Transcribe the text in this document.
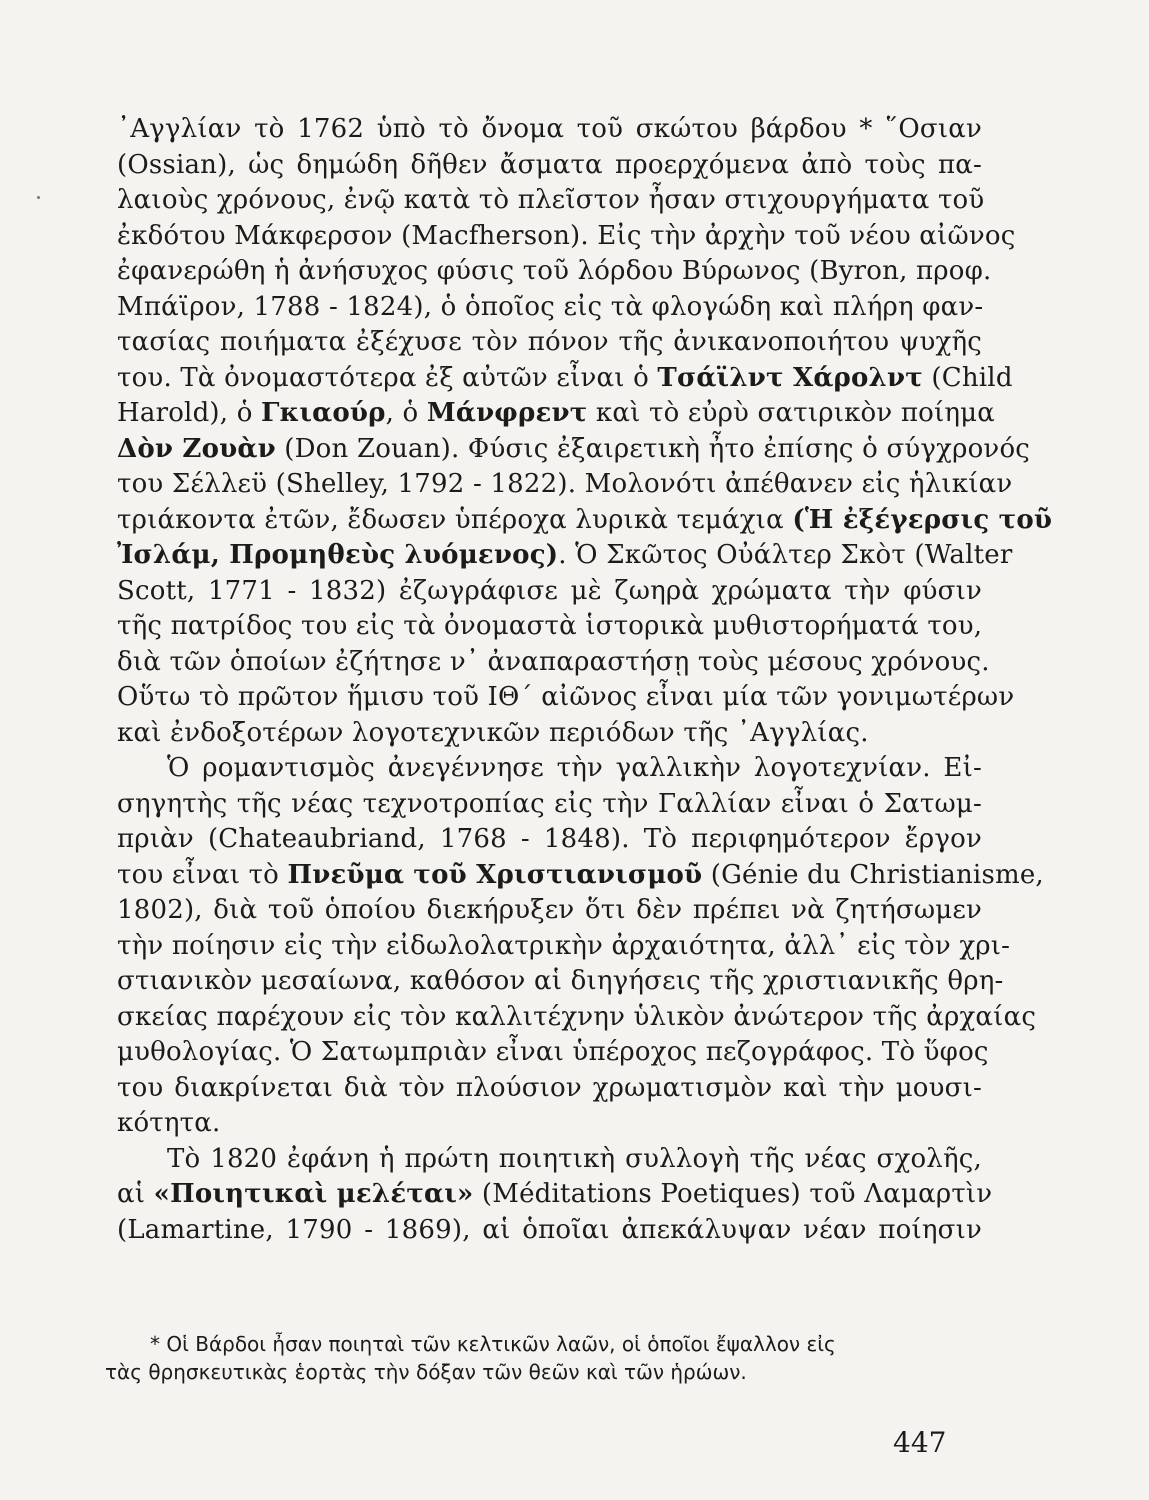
᾿Αγγλίαν τὸ 1762 ὑπὸ τὸ ὄνομα τοῦ σκώτου βάρδου * ῞Οσιαν
(Ossian), ὡς δημώδη δῆθεν ἄσματα προερχόμενα ἀπὸ τοὺς πα-
λαιοὺς χρόνους, ἐνῷ κατὰ τὸ πλεῖστον ἦσαν στιχουργήματα τοῦ
ἐκδότου Μάκφερσον (Macfherson). Εἰς τὴν ἀρχὴν τοῦ νέου αἰῶνος
ἐφανερώθη ἡ ἀνήσυχος φύσις τοῦ λόρδου Βύρωνος (Byron, προφ.
Μπάϊρον, 1788 - 1824), ὁ ὁποῖος εἰς τὰ φλογώδη καὶ πλήρη φαν-
τασίας ποιήματα ἐξέχυσε τὸν πόνον τῆς ἀνικανοποιήτου ψυχῆς
του. Τὰ ὀνομαστότερα ἐξ αὐτῶν εἶναι ὁ Τσάϊλντ Χάρολντ (Child
Harold), ὁ Γκιαούρ, ὁ Μάνφρεντ καὶ τὸ εὐρὺ σατιρικὸν ποίημα
Δὸν Ζουὰν (Don Zouan). Φύσις ἐξαιρετικὴ ἦτο ἐπίσης ὁ σύγχρονός
του Σέλλεϋ (Shelley, 1792 - 1822). Μολονότι ἀπέθανεν εἰς ἡλικίαν
τριάκοντα ἐτῶν, ἔδωσεν ὑπέροχα λυρικὰ τεμάχια (Ἡ ἐξέγερσις τοῦ
Ἰσλάμ, Προμηθεὺς λυόμενος). Ὁ Σκῶτος Οὐάλτερ Σκὸτ (Walter
Scott, 1771 - 1832) ἐζωγράφισε μὲ ζωηρὰ χρώματα τὴν φύσιν
τῆς πατρίδος του εἰς τὰ ὀνομαστὰ ἱστορικὰ μυθιστορήματά του,
διὰ τῶν ὁποίων ἐζήτησε ν᾿ ἀναπαραστήσῃ τοὺς μέσους χρόνους.
Οὕτω τὸ πρῶτον ἥμισυ τοῦ ΙΘ΄ αἰῶνος εἶναι μία τῶν γονιμωτέρων
καὶ ἐνδοξοτέρων λογοτεχνικῶν περιόδων τῆς ᾿Αγγλίας.
Ὁ ρομαντισμὸς ἀνεγέννησε τὴν γαλλικὴν λογοτεχνίαν. Εἰ-
σηγητὴς τῆς νέας τεχνοτροπίας εἰς τὴν Γαλλίαν εἶναι ὁ Σατωμ-
πριὰν (Chateaubriand, 1768 - 1848). Τὸ περιφημότερον ἔργον
του εἶναι τὸ Πνεῦμα τοῦ Χριστιανισμοῦ (Génie du Christianisme,
1802), διὰ τοῦ ὁποίου διεκήρυξεν ὅτι δὲν πρέπει νὰ ζητήσωμεν
τὴν ποίησιν εἰς τὴν εἰδωλολατρικὴν ἀρχαιότητα, ἀλλ᾿ εἰς τὸν χρι-
στιανικὸν μεσαίωνα, καθόσον αἱ διηγήσεις τῆς χριστιανικῆς θρη-
σκείας παρέχουν εἰς τὸν καλλιτέχνην ὑλικὸν ἀνώτερον τῆς ἀρχαίας
μυθολογίας. Ὁ Σατωμπριὰν εἶναι ὑπέροχος πεζογράφος. Τὸ ὕφος
του διακρίνεται διὰ τὸν πλούσιον χρωματισμὸν καὶ τὴν μουσι-
κότητα.
Τὸ 1820 ἐφάνη ἡ πρώτη ποιητικὴ συλλογὴ τῆς νέας σχολῆς,
αἱ «Ποιητικαὶ μελέται» (Méditations Poetiques) τοῦ Λαμαρτὶν
(Lamartine, 1790 - 1869), αἱ ὁποῖαι ἀπεκάλυψαν νέαν ποίησιν
* Οἱ Βάρδοι ἦσαν ποιηταὶ τῶν κελτικῶν λαῶν, οἱ ὁποῖοι ἔψαλλον εἰς
τὰς θρησκευτικὰς ἑορτὰς τὴν δόξαν τῶν θεῶν καὶ τῶν ἡρώων.
447
